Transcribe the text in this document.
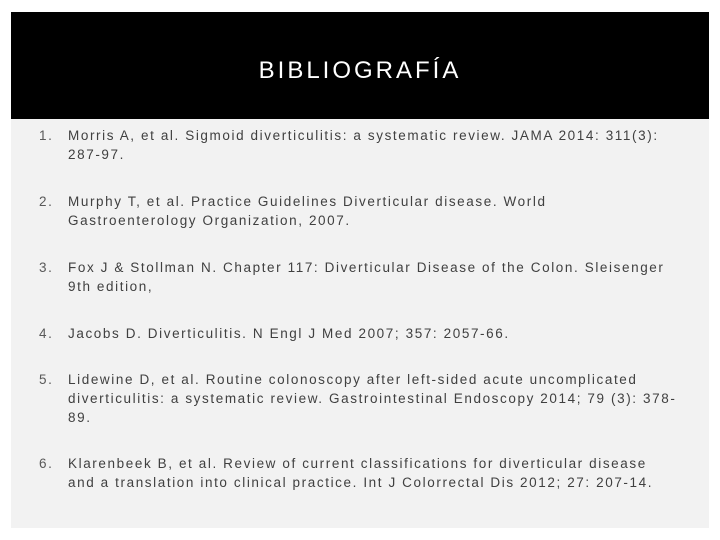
BIBLIOGRAFÍA
1. Morris A, et al. Sigmoid diverticulitis: a systematic review. JAMA 2014: 311(3): 287-97.
2. Murphy T, et al. Practice Guidelines Diverticular disease. World Gastroenterology Organization, 2007.
3. Fox J & Stollman N. Chapter 117: Diverticular Disease of the Colon. Sleisenger 9th edition,
4. Jacobs D. Diverticulitis. N Engl J Med 2007; 357: 2057-66.
5. Lidewine D, et al. Routine colonoscopy after left-sided acute uncomplicated diverticulitis: a systematic review. Gastrointestinal Endoscopy 2014; 79 (3): 378-89.
6. Klarenbeek B, et al. Review of current classifications for diverticular disease and a translation into clinical practice. Int J Colorrectal Dis 2012; 27: 207-14.
